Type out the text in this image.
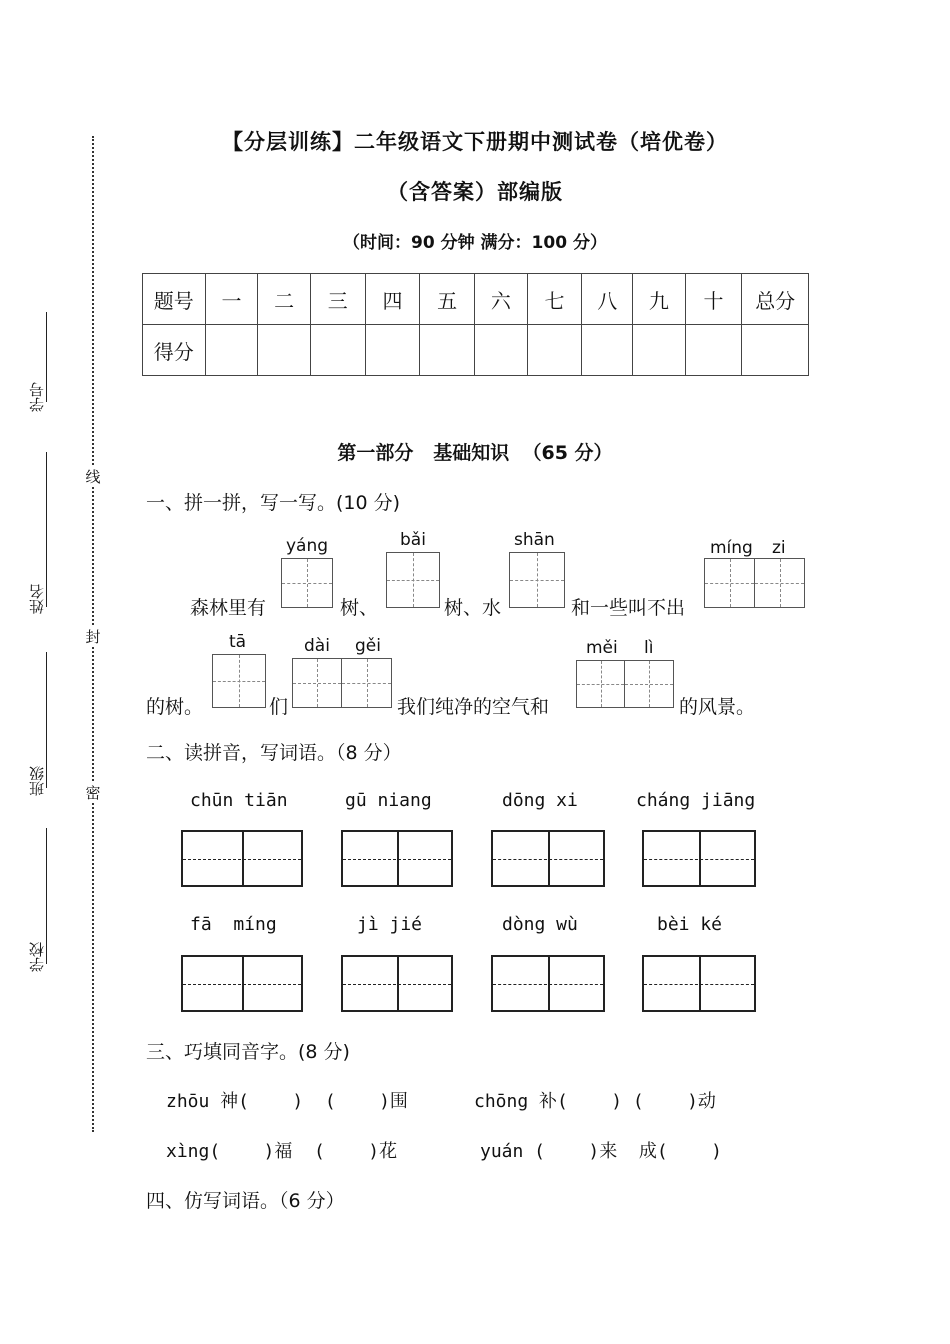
线
封
密
学号
姓名
班级
学校
【分层训练】二年级语文下册期中测试卷（培优卷）
（含答案）部编版
（时间：90 分钟 满分：100 分）
题号	一	二	三	四	五	六	七	八	九	十	总分
得分											
第一部分   基础知识  （65 分）
一、拼一拼，写一写。(10 分)
yáng	bǎi	shān	míng zi
森林里有	树、	树、水	和一些叫不出
tā	dài gěi	měi lì
的树。	们	我们纯净的空气和	的风景。
二、读拼音，写词语。（8 分）
chūn tiān	gū niang	dōng xi	cháng jiāng
fā  míng	jì jié	dòng wù	bèi ké
三、巧填同音字。(8 分)
zhōu 神(    )  (    )围	chōng 补(    ) (    )动
xìng(    )福  (    )花	yuán (    )来  成(    )
四、仿写词语。（6 分）
